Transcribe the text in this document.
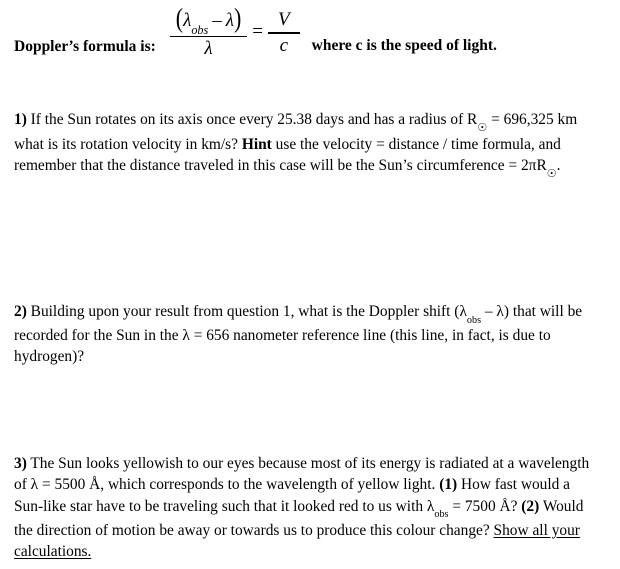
Doppler’s formula is: $\frac{(\lambda_{obs} - \lambda)}{\lambda} = \frac{V}{c}$ where c is the speed of light.

1) If the Sun rotates on its axis once every 25.38 days and has a radius of $R_☉ = 696,325$ km what is its rotation velocity in km/s? Hint use the velocity = distance / time formula, and remember that the distance traveled in this case will be the Sun’s circumference = $2\pi R_☉$.

2) Building upon your result from question 1, what is the Doppler shift $(\lambda_{obs} - \lambda)$ that will be recorded for the Sun in the λ = 656 nanometer reference line (this line, in fact, is due to hydrogen)?

3) The Sun looks yellowish to our eyes because most of its energy is radiated at a wavelength of λ = 5500 Å, which corresponds to the wavelength of yellow light. (1) How fast would a Sun-like star have to be traveling such that it looked red to us with $\lambda_{obs} = 7500$ Å? (2) Would the direction of motion be away or towards us to produce this colour change? Show all your calculations.
